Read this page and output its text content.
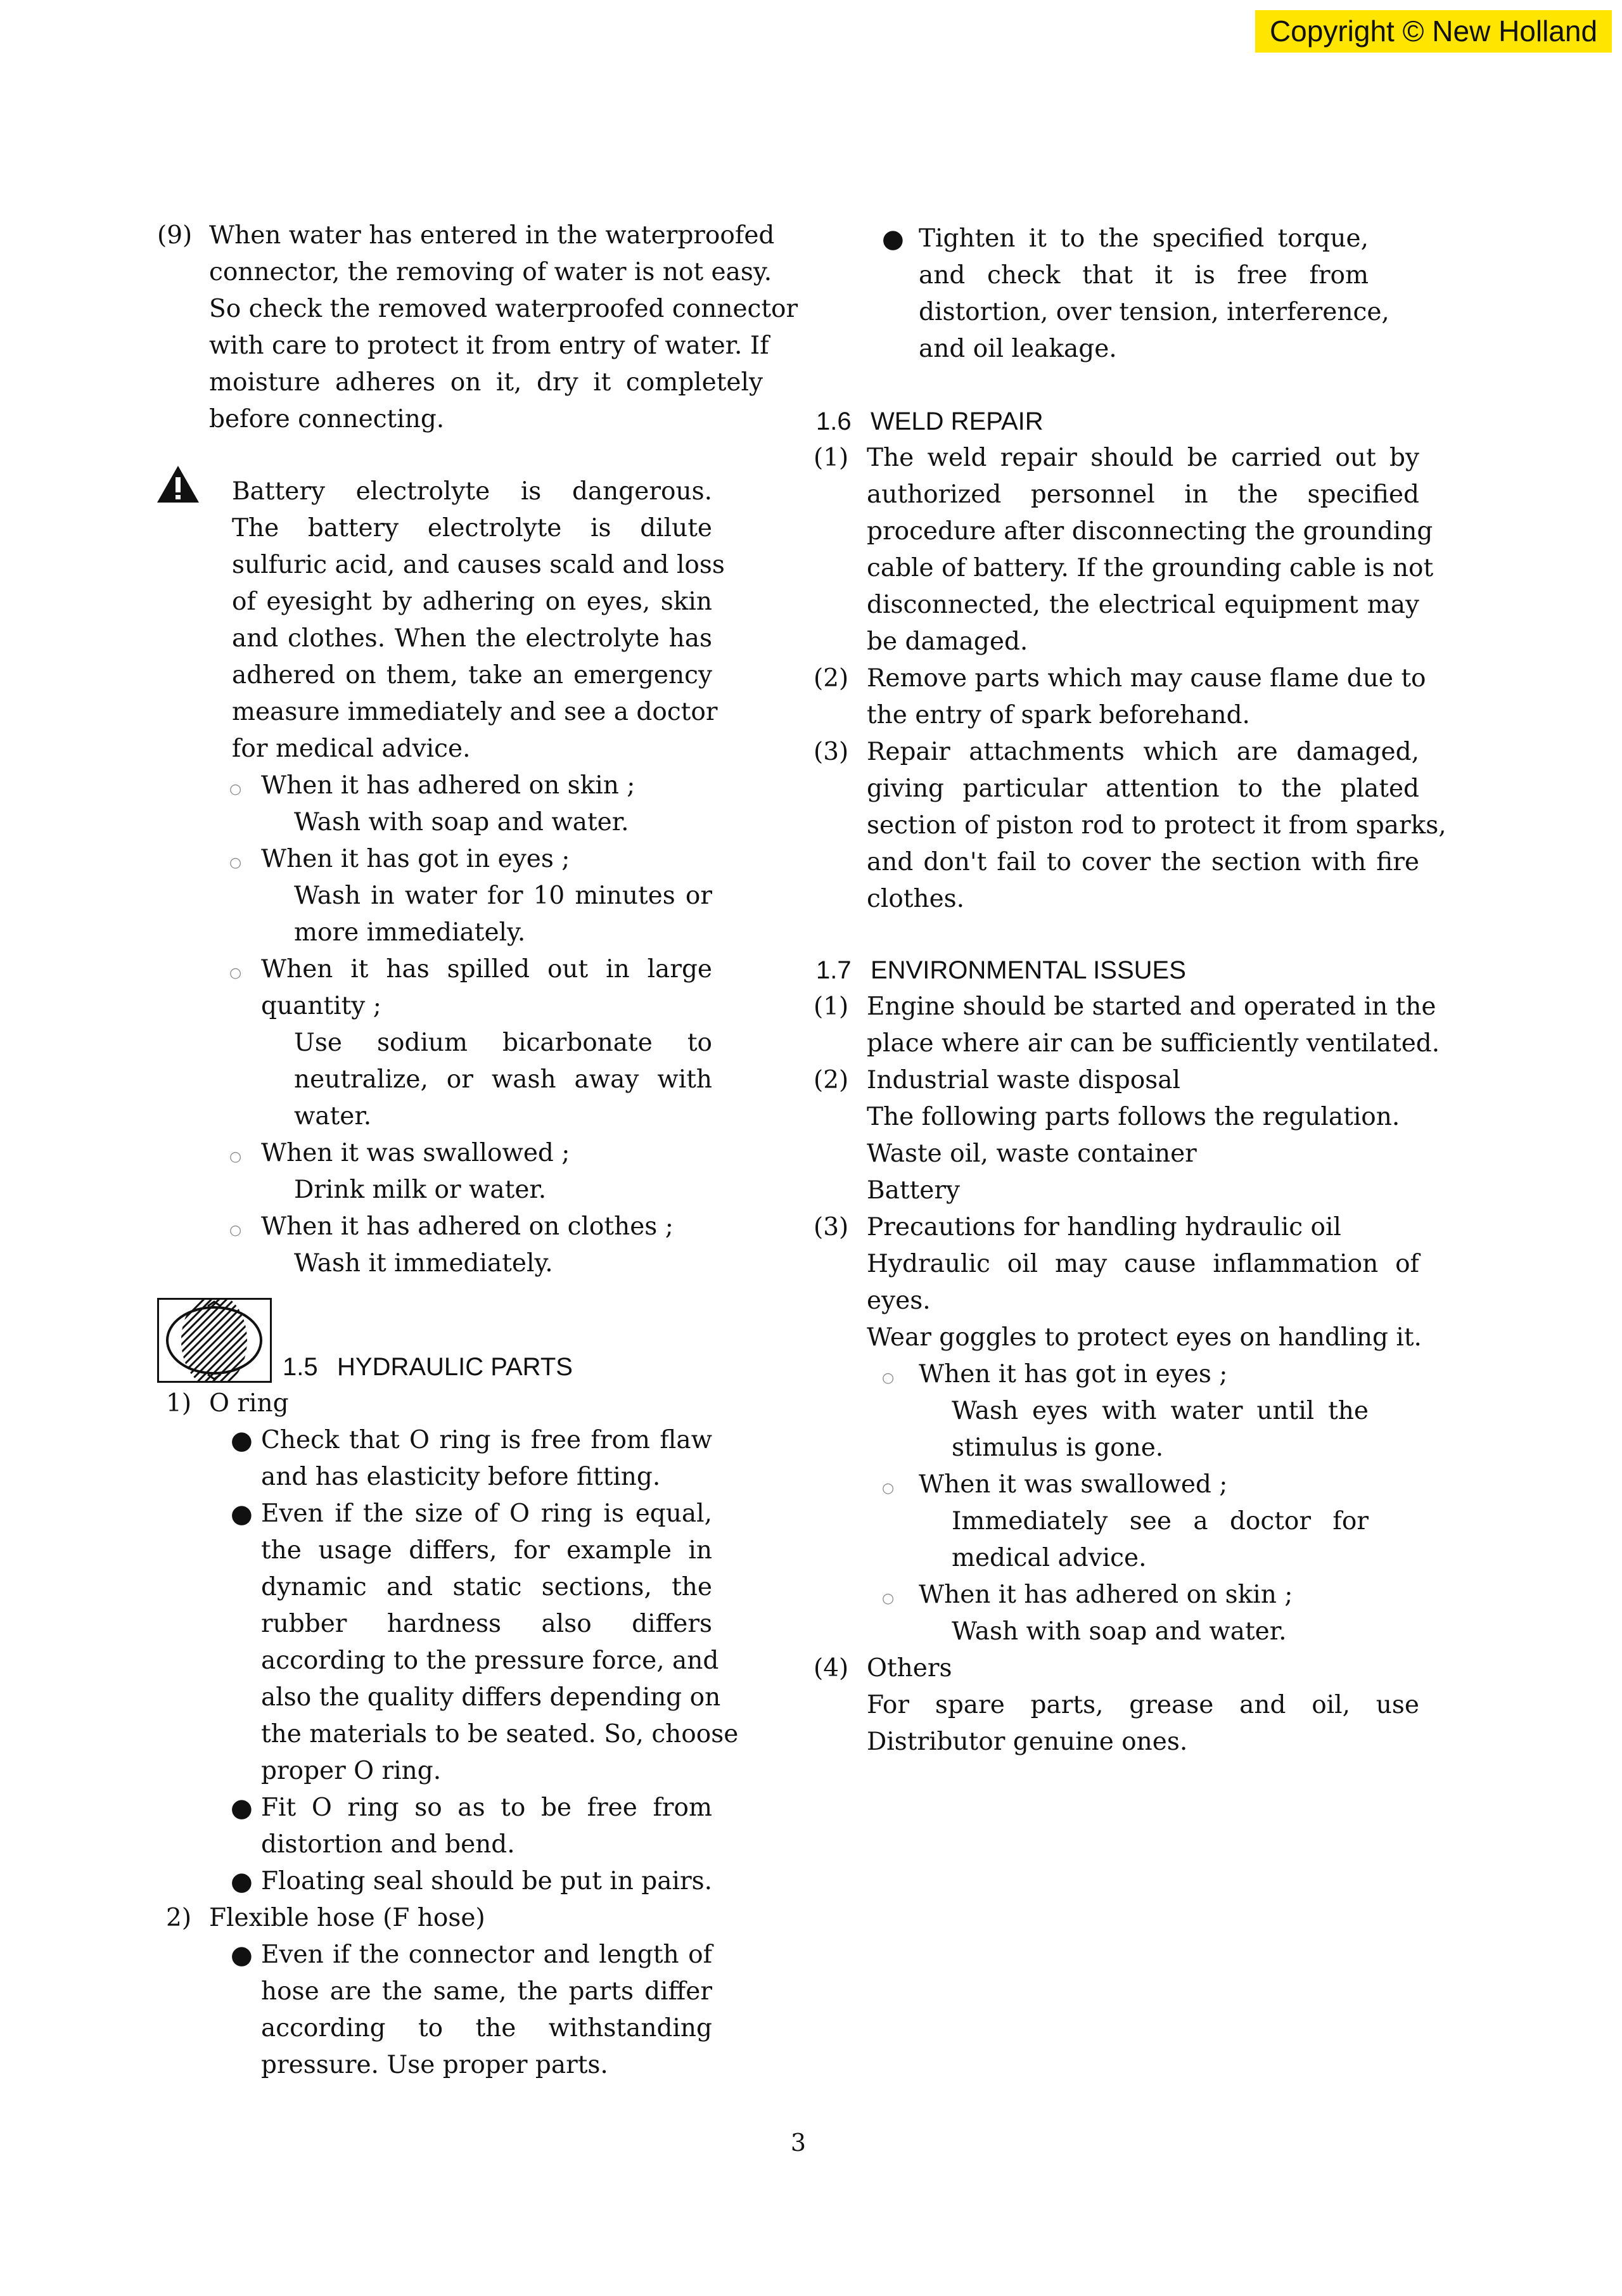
Copyright © New Holland
(9) When water has entered in the waterproofed
connector, the removing of water is not easy.
So check the removed waterproofed connector
with care to protect it from entry of water. If
moisture adheres on it, dry it completely
before connecting.
Battery electrolyte is dangerous.
The battery electrolyte is dilute
sulfuric acid, and causes scald and loss
of eyesight by adhering on eyes, skin
and clothes. When the electrolyte has
adhered on them, take an emergency
measure immediately and see a doctor
for medical advice.
○ When it has adhered on skin ;
Wash with soap and water.
○ When it has got in eyes ;
Wash in water for 10 minutes or
more immediately.
○ When it has spilled out in large
quantity ;
Use sodium bicarbonate to
neutralize, or wash away with
water.
○ When it was swallowed ;
Drink milk or water.
○ When it has adhered on clothes ;
Wash it immediately.
1.5 HYDRAULIC PARTS
1) O ring
● Check that O ring is free from flaw
and has elasticity before fitting.
● Even if the size of O ring is equal,
the usage differs, for example in
dynamic and static sections, the
rubber hardness also differs
according to the pressure force, and
also the quality differs depending on
the materials to be seated. So, choose
proper O ring.
● Fit O ring so as to be free from
distortion and bend.
● Floating seal should be put in pairs.
2) Flexible hose (F hose)
● Even if the connector and length of
hose are the same, the parts differ
according to the withstanding
pressure. Use proper parts.
● Tighten it to the specified torque,
and check that it is free from
distortion, over tension, interference,
and oil leakage.
1.6 WELD REPAIR
(1) The weld repair should be carried out by
authorized personnel in the specified
procedure after disconnecting the grounding
cable of battery. If the grounding cable is not
disconnected, the electrical equipment may
be damaged.
(2) Remove parts which may cause flame due to
the entry of spark beforehand.
(3) Repair attachments which are damaged,
giving particular attention to the plated
section of piston rod to protect it from sparks,
and don't fail to cover the section with fire
clothes.
1.7 ENVIRONMENTAL ISSUES
(1) Engine should be started and operated in the
place where air can be sufficiently ventilated.
(2) Industrial waste disposal
The following parts follows the regulation.
Waste oil, waste container
Battery
(3) Precautions for handling hydraulic oil
Hydraulic oil may cause inflammation of
eyes.
Wear goggles to protect eyes on handling it.
○ When it has got in eyes ;
Wash eyes with water until the
stimulus is gone.
○ When it was swallowed ;
Immediately see a doctor for
medical advice.
○ When it has adhered on skin ;
Wash with soap and water.
(4) Others
For spare parts, grease and oil, use
Distributor genuine ones.
3
